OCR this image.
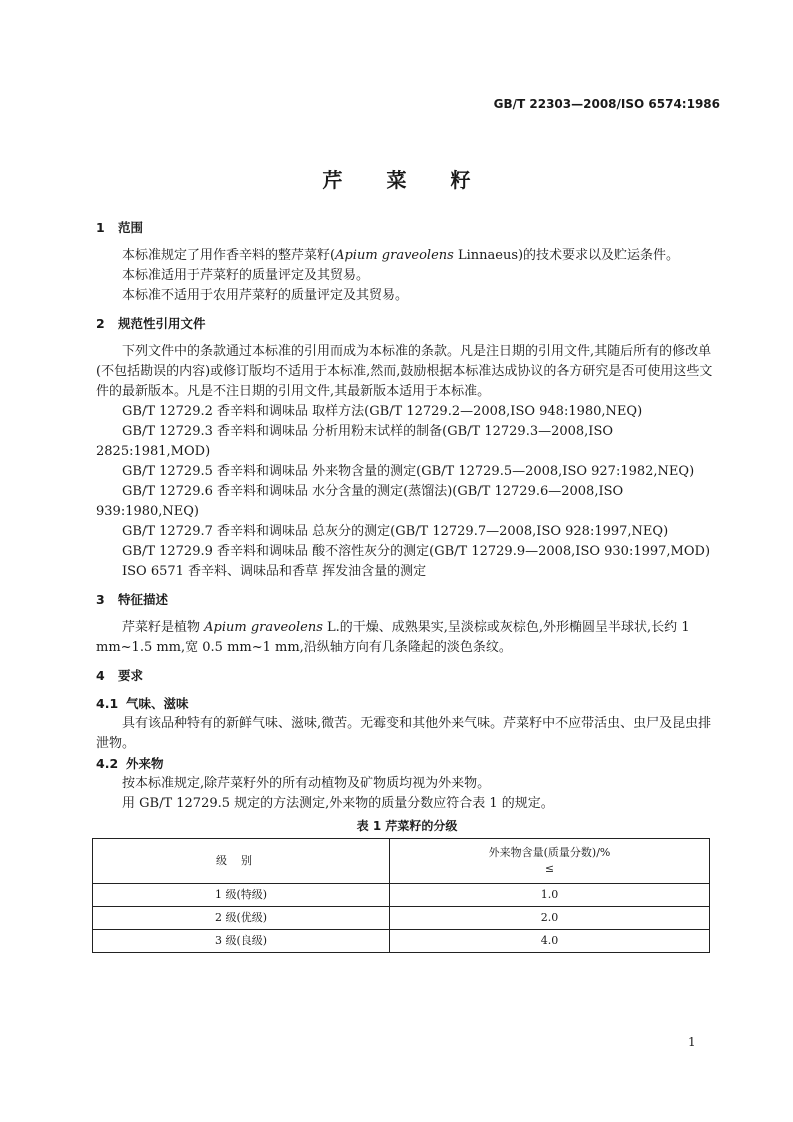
GB/T 22303—2008/ISO 6574:1986
芹菜籽

1 范围

本标准规定了用作香辛料的整芹菜籽(Apium graveolens Linnaeus)的技术要求以及贮运条件。

本标准适用于芹菜籽的质量评定及其贸易。

本标准不适用于农用芹菜籽的质量评定及其贸易。

2 规范性引用文件

下列文件中的条款通过本标准的引用而成为本标准的条款。凡是注日期的引用文件,其随后所有的修改单(不包括勘误的内容)或修订版均不适用于本标准,然而,鼓励根据本标准达成协议的各方研究是否可使用这些文件的最新版本。凡是不注日期的引用文件,其最新版本适用于本标准。

GB/T 12729.2 香辛料和调味品 取样方法(GB/T 12729.2—2008,ISO 948:1980,NEQ)

GB/T 12729.3 香辛料和调味品 分析用粉末试样的制备(GB/T 12729.3—2008,ISO 2825:1981,MOD)

GB/T 12729.5 香辛料和调味品 外来物含量的测定(GB/T 12729.5—2008,ISO 927:1982,NEQ)

GB/T 12729.6 香辛料和调味品 水分含量的测定(蒸馏法)(GB/T 12729.6—2008,ISO 939:1980,NEQ)

GB/T 12729.7 香辛料和调味品 总灰分的测定(GB/T 12729.7—2008,ISO 928:1997,NEQ)

GB/T 12729.9 香辛料和调味品 酸不溶性灰分的测定(GB/T 12729.9—2008,ISO 930:1997,MOD)

ISO 6571 香辛料、调味品和香草 挥发油含量的测定

3 特征描述

芹菜籽是植物 Apium graveolens L.的干燥、成熟果实,呈淡棕或灰棕色,外形椭圆呈半球状,长约 1 mm~1.5 mm,宽 0.5 mm~1 mm,沿纵轴方向有几条隆起的淡色条纹。

4 要求

4.1 气味、滋味

具有该品种特有的新鲜气味、滋味,微苦。无霉变和其他外来气味。芹菜籽中不应带活虫、虫尸及昆虫排泄物。

4.2 外来物

按本标准规定,除芹菜籽外的所有动植物及矿物质均视为外来物。

用 GB/T 12729.5 规定的方法测定,外来物的质量分数应符合表 1 的规定。

表 1 芹菜籽的分级
级别	外来物含量(质量分数)/%
≤

1 级(特级)	1.0
2 级(优级)	2.0
3 级(良级)	4.0
1
